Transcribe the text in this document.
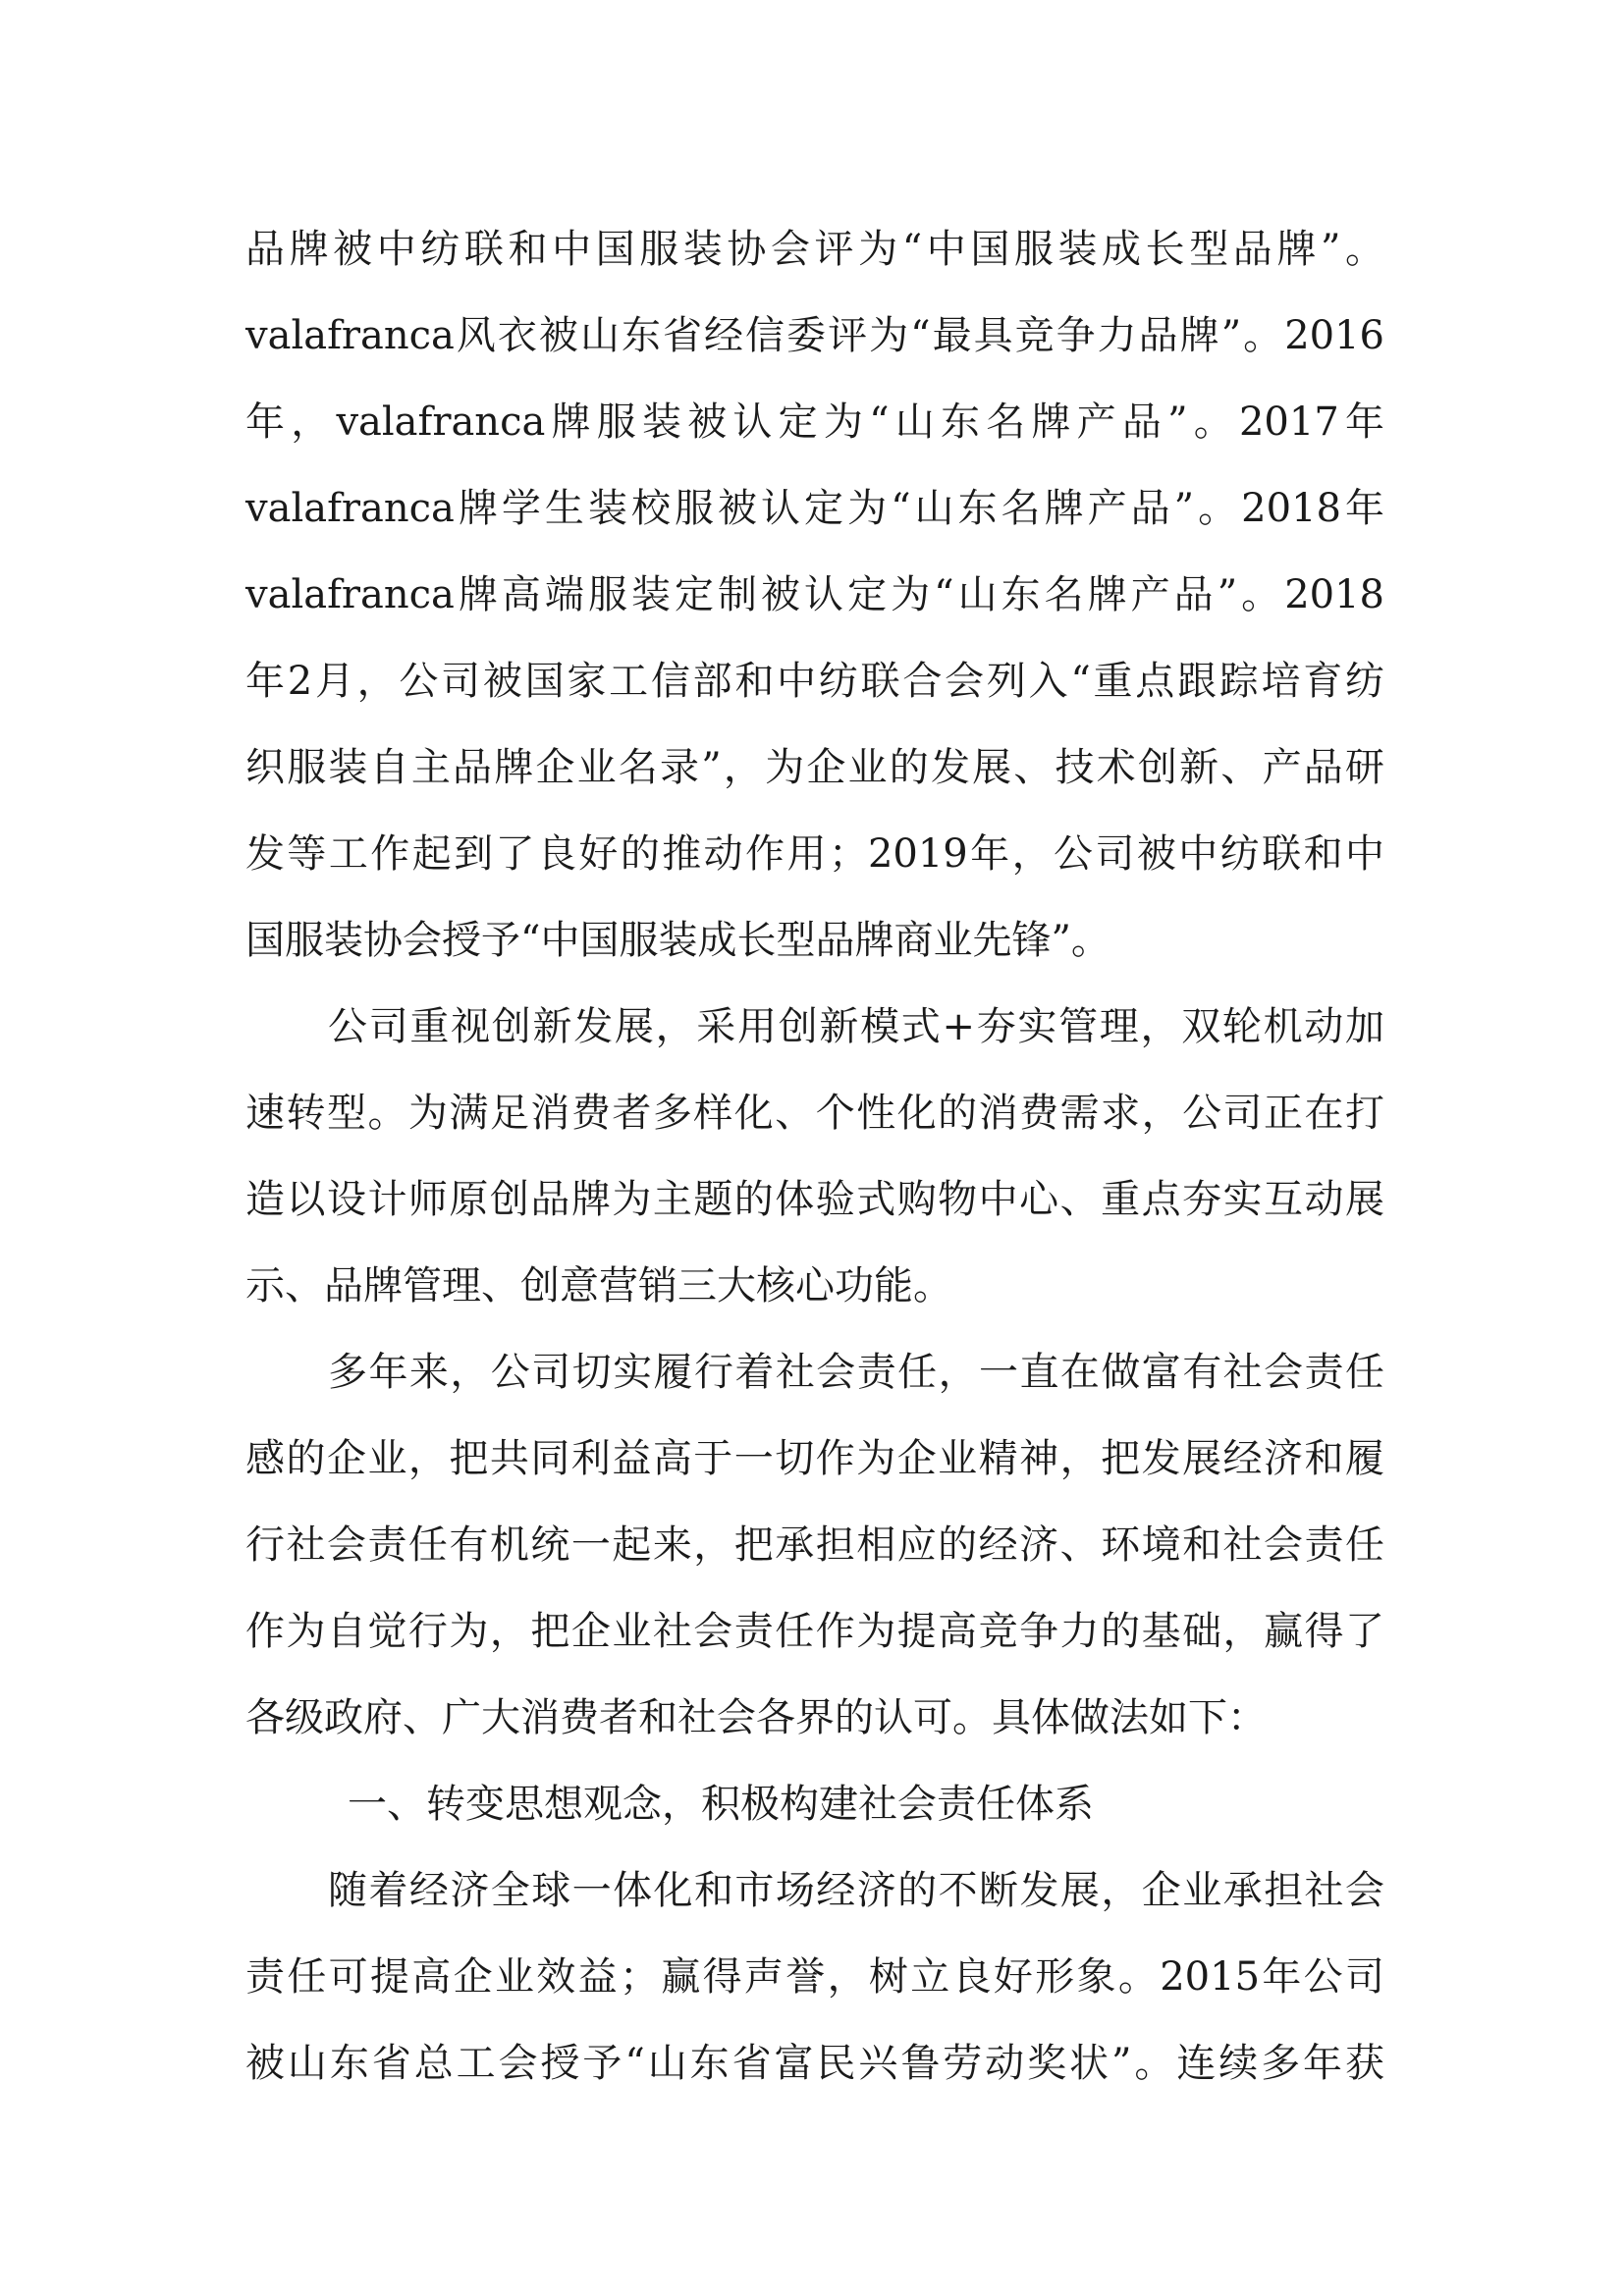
品牌被中纺联和中国服装协会评为“中国服装成长型品牌”。
valafranca风衣被山东省经信委评为“最具竞争力品牌”。2016
年，valafranca牌服装被认定为“山东名牌产品”。2017年
valafranca牌学生装校服被认定为“山东名牌产品”。2018年
valafranca牌高端服装定制被认定为“山东名牌产品”。2018
年2月，公司被国家工信部和中纺联合会列入“重点跟踪培育纺
织服装自主品牌企业名录”，为企业的发展、技术创新、产品研
发等工作起到了良好的推动作用；2019年，公司被中纺联和中
国服装协会授予“中国服装成长型品牌商业先锋”。
公司重视创新发展，采用创新模式+夯实管理，双轮机动加
速转型。为满足消费者多样化、个性化的消费需求，公司正在打
造以设计师原创品牌为主题的体验式购物中心、重点夯实互动展
示、品牌管理、创意营销三大核心功能。
多年来，公司切实履行着社会责任，一直在做富有社会责任
感的企业，把共同利益高于一切作为企业精神，把发展经济和履
行社会责任有机统一起来，把承担相应的经济、环境和社会责任
作为自觉行为，把企业社会责任作为提高竞争力的基础，赢得了
各级政府、广大消费者和社会各界的认可。具体做法如下：
一、转变思想观念，积极构建社会责任体系
随着经济全球一体化和市场经济的不断发展，企业承担社会
责任可提高企业效益；赢得声誉，树立良好形象。2015年公司
被山东省总工会授予“山东省富民兴鲁劳动奖状”。连续多年获
